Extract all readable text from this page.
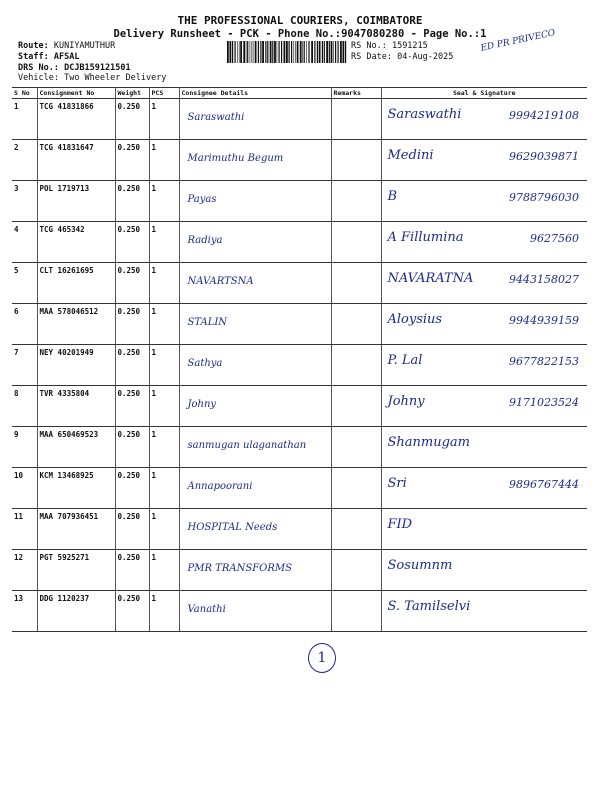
THE PROFESSIONAL COURIERS, COIMBATORE
Delivery Runsheet - PCK - Phone No.:9047080280 - Page No.:1
Route: KUNIYAMUTHUR
Staff: AFSAL
DRS No.: DCJB159121501
RS No.: 1591215
RS Date: 04-Aug-2025
ED PR PRIVECO
Vehicle: Two Wheeler Delivery
S No	Consignment No	Weight	PCS	Consignee Details	Remarks	Seal & Signature
1	TCG 41831866	0.250	1	Saraswathi		Saraswathi 9994219108

2	TCG 41831647	0.250	1	Marimuthu Begum		Medini 9629039871

3	POL 1719713	0.250	1	Payas		B 9788796030

4	TCG 465342	0.250	1	Radiya		A Fillumina 9627560

5	CLT 16261695	0.250	1	NAVARTSNA		NAVARATNA 9443158027

6	MAA 578046512	0.250	1	STALIN		Aloysius 9944939159

7	NEY 40201949	0.250	1	Sathya		P. Lal 9677822153

8	TVR 4335804	0.250	1	Johny		Johny 9171023524

9	MAA 650469523	0.250	1	sanmugan ulaganathan		Shanmugam

10	KCM 13468925	0.250	1	Annapoorani		Sri 9896767444

11	MAA 707936451	0.250	1	HOSPITAL Needs		FID

12	PGT 5925271	0.250	1	PMR TRANSFORMS		Sosumnm

13	DDG 1120237	0.250	1	Vanathi		S. Tamilselvi
1
